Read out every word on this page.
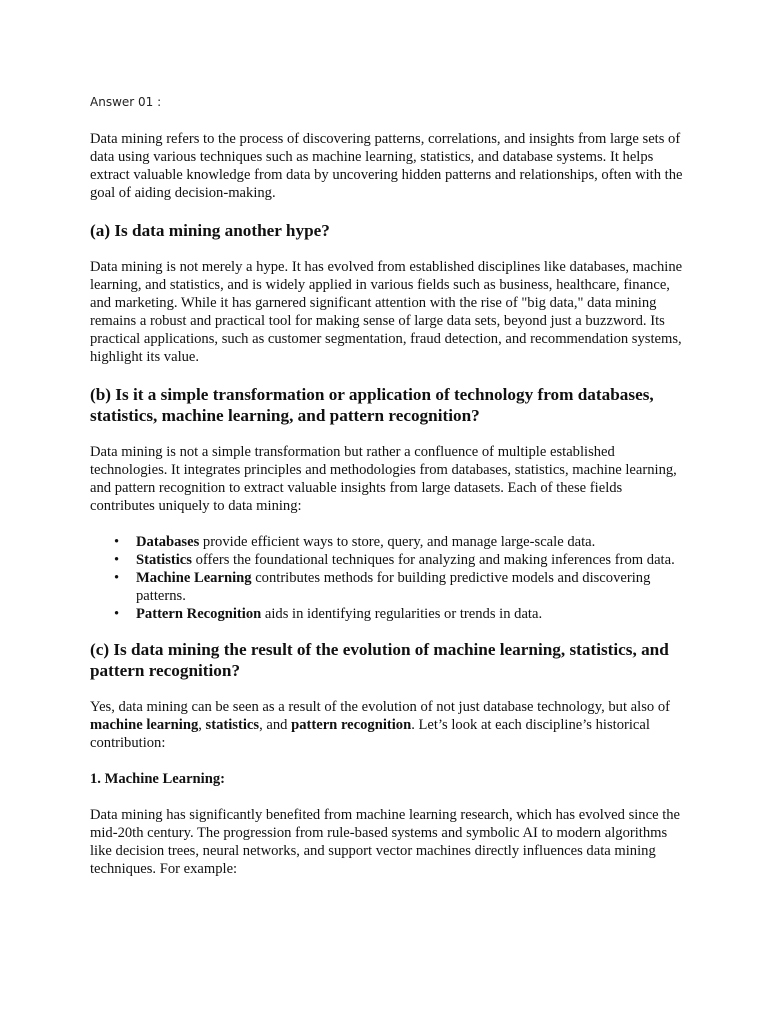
Answer 01 :

Data mining refers to the process of discovering patterns, correlations, and insights from large sets of data using various techniques such as machine learning, statistics, and database systems. It helps extract valuable knowledge from data by uncovering hidden patterns and relationships, often with the goal of aiding decision-making.

(a) Is data mining another hype?

Data mining is not merely a hype. It has evolved from established disciplines like databases, machine learning, and statistics, and is widely applied in various fields such as business, healthcare, finance, and marketing. While it has garnered significant attention with the rise of "big data," data mining remains a robust and practical tool for making sense of large data sets, beyond just a buzzword. Its practical applications, such as customer segmentation, fraud detection, and recommendation systems, highlight its value.

(b) Is it a simple transformation or application of technology from databases, statistics, machine learning, and pattern recognition?

Data mining is not a simple transformation but rather a confluence of multiple established technologies. It integrates principles and methodologies from databases, statistics, machine learning, and pattern recognition to extract valuable insights from large datasets. Each of these fields contributes uniquely to data mining:

• Databases provide efficient ways to store, query, and manage large-scale data.
• Statistics offers the foundational techniques for analyzing and making inferences from data.
• Machine Learning contributes methods for building predictive models and discovering patterns.
• Pattern Recognition aids in identifying regularities or trends in data.
(c) Is data mining the result of the evolution of machine learning, statistics, and pattern recognition?

Yes, data mining can be seen as a result of the evolution of not just database technology, but also of machine learning, statistics, and pattern recognition. Let’s look at each discipline’s historical contribution:

1. Machine Learning:

Data mining has significantly benefited from machine learning research, which has evolved since the mid-20th century. The progression from rule-based systems and symbolic AI to modern algorithms like decision trees, neural networks, and support vector machines directly influences data mining techniques. For example:
